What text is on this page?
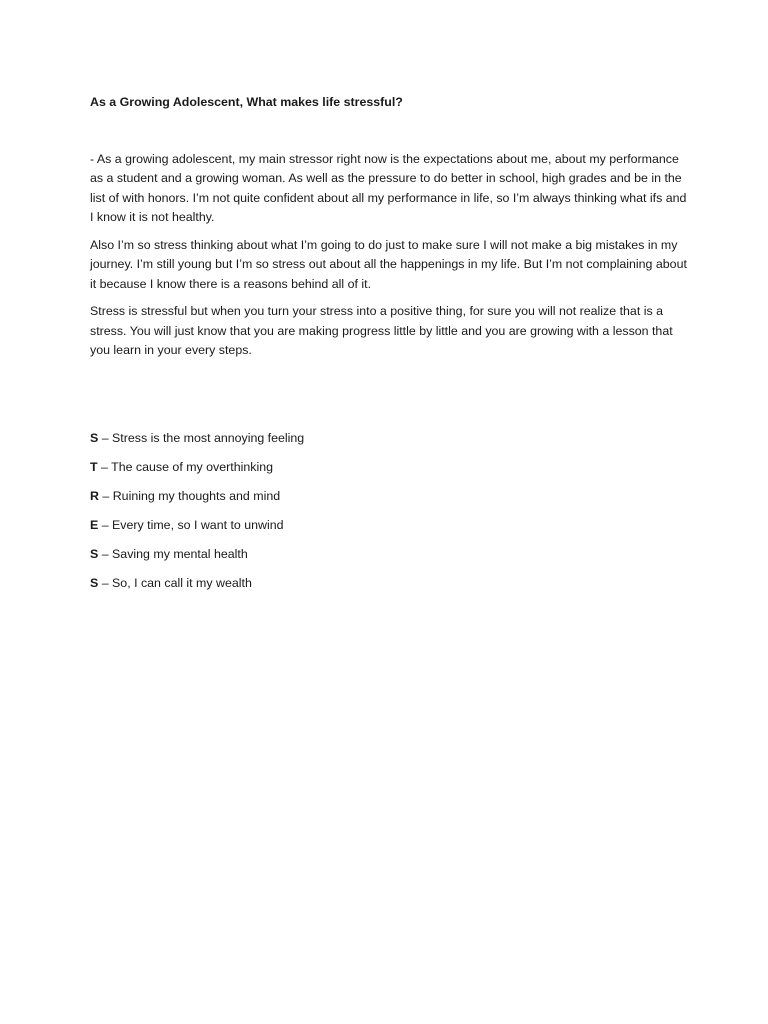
As a Growing Adolescent, What makes life stressful?

- As a growing adolescent, my main stressor right now is the expectations about me, about my performance as a student and a growing woman. As well as the pressure to do better in school, high grades and be in the list of with honors. I’m not quite confident about all my performance in life, so I’m always thinking what ifs and I know it is not healthy.

Also I’m so stress thinking about what I’m going to do just to make sure I will not make a big mistakes in my journey. I’m still young but I’m so stress out about all the happenings in my life. But I’m not complaining about it because I know there is a reasons behind all of it.

Stress is stressful but when you turn your stress into a positive thing, for sure you will not realize that is a stress. You will just know that you are making progress little by little and you are growing with a lesson that you learn in your every steps.

S – Stress is the most annoying feeling

T – The cause of my overthinking

R – Ruining my thoughts and mind

E – Every time, so I want to unwind

S – Saving my mental health

S – So, I can call it my wealth
